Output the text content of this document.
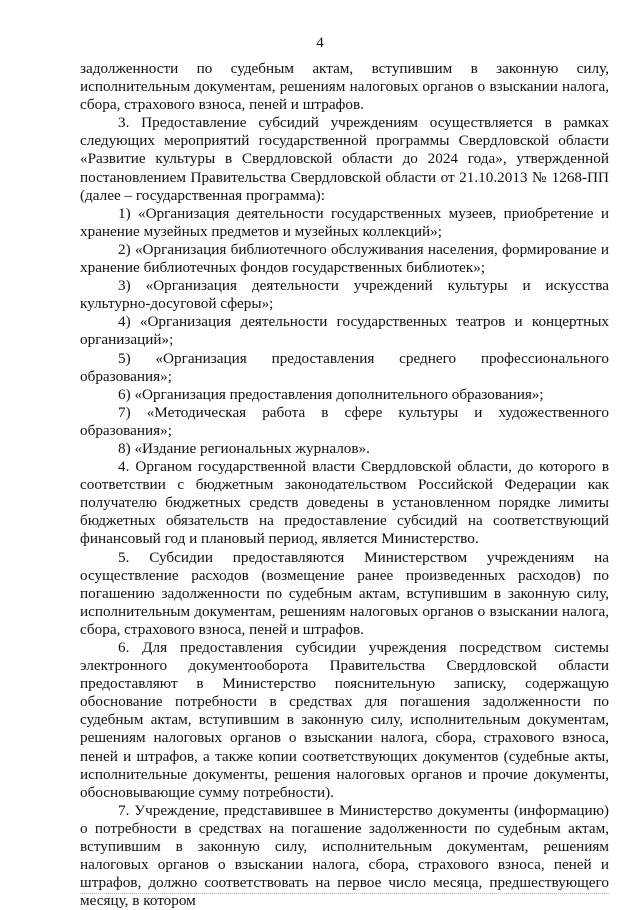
4

задолженности по судебным актам, вступившим в законную силу, исполнительным документам, решениям налоговых органов о взыскании налога, сбора, страхового взноса, пеней и штрафов.

3. Предоставление субсидий учреждениям осуществляется в рамках следующих мероприятий государственной программы Свердловской области «Развитие культуры в Свердловской области до 2024 года», утвержденной постановлением Правительства Свердловской области от 21.10.2013 № 1268-ПП (далее – государственная программа):

1) «Организация деятельности государственных музеев, приобретение и хранение музейных предметов и музейных коллекций»;

2) «Организация библиотечного обслуживания населения, формирование и хранение библиотечных фондов государственных библиотек»;

3) «Организация деятельности учреждений культуры и искусства культурно-досуговой сферы»;

4) «Организация деятельности государственных театров и концертных организаций»;

5) «Организация предоставления среднего профессионального образования»;

6) «Организация предоставления дополнительного образования»;

7) «Методическая работа в сфере культуры и художественного образования»;

8) «Издание региональных журналов».

4. Органом государственной власти Свердловской области, до которого в соответствии с бюджетным законодательством Российской Федерации как получателю бюджетных средств доведены в установленном порядке лимиты бюджетных обязательств на предоставление субсидий на соответствующий финансовый год и плановый период, является Министерство.

5. Субсидии предоставляются Министерством учреждениям на осуществление расходов (возмещение ранее произведенных расходов) по погашению задолженности по судебным актам, вступившим в законную силу, исполнительным документам, решениям налоговых органов о взыскании налога, сбора, страхового взноса, пеней и штрафов.

6. Для предоставления субсидии учреждения посредством системы электронного документооборота Правительства Свердловской области предоставляют в Министерство пояснительную записку, содержащую обоснование потребности в средствах для погашения задолженности по судебным актам, вступившим в законную силу, исполнительным документам, решениям налоговых органов о взыскании налога, сбора, страхового взноса, пеней и штрафов, а также копии соответствующих документов (судебные акты, исполнительные документы, решения налоговых органов и прочие документы, обосновывающие сумму потребности).

7. Учреждение, представившее в Министерство документы (информацию) о потребности в средствах на погашение задолженности по судебным актам, вступившим в законную силу, исполнительным документам, решениям налоговых органов о взыскании налога, сбора, страхового взноса, пеней и штрафов, должно соответствовать на первое число месяца, предшествующего месяцу, в котором
